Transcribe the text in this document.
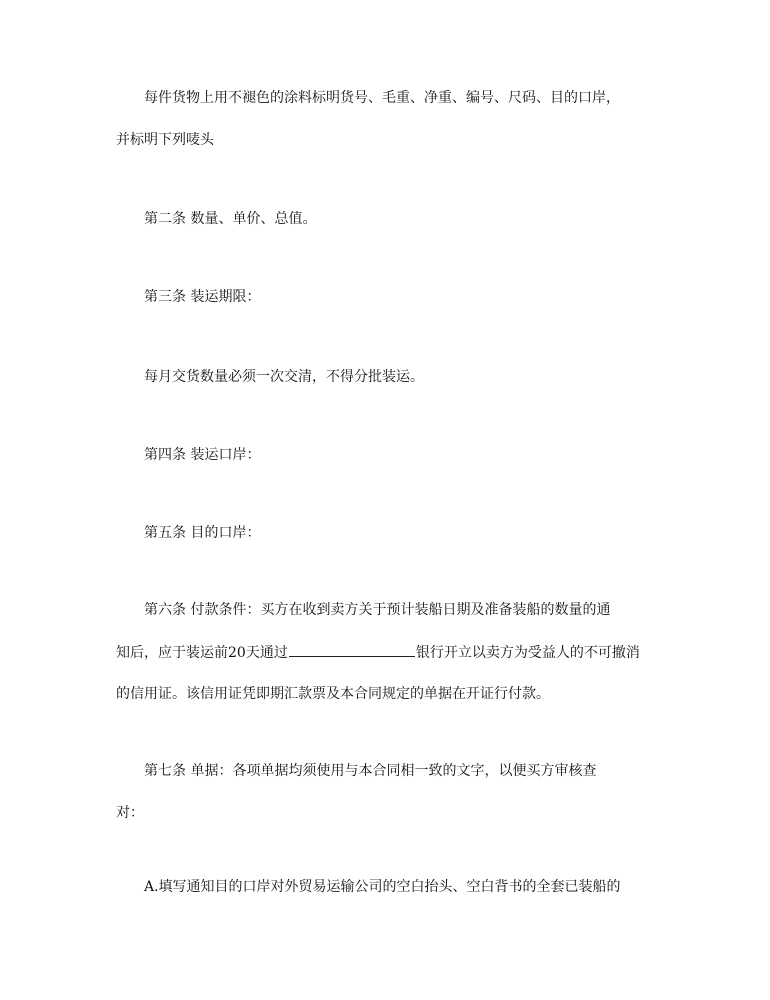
每件货物上用不褪色的涂料标明货号、毛重、净重、编号、尺码、目的口岸，
并标明下列唛头
第二条 数量、单价、总值。
第三条 装运期限：
每月交货数量必须一次交清，不得分批装运。
第四条 装运口岸：
第五条 目的口岸：
第六条 付款条件：买方在收到卖方关于预计装船日期及准备装船的数量的通
知后，应于装运前20天通过	银行开立以卖方为受益人的不可撤消
的信用证。该信用证凭即期汇款票及本合同规定的单据在开证行付款。
第七条 单据：各项单据均须使用与本合同相一致的文字，以便买方审核查
对：
A.填写通知目的口岸对外贸易运输公司的空白抬头、空白背书的全套已装船的
